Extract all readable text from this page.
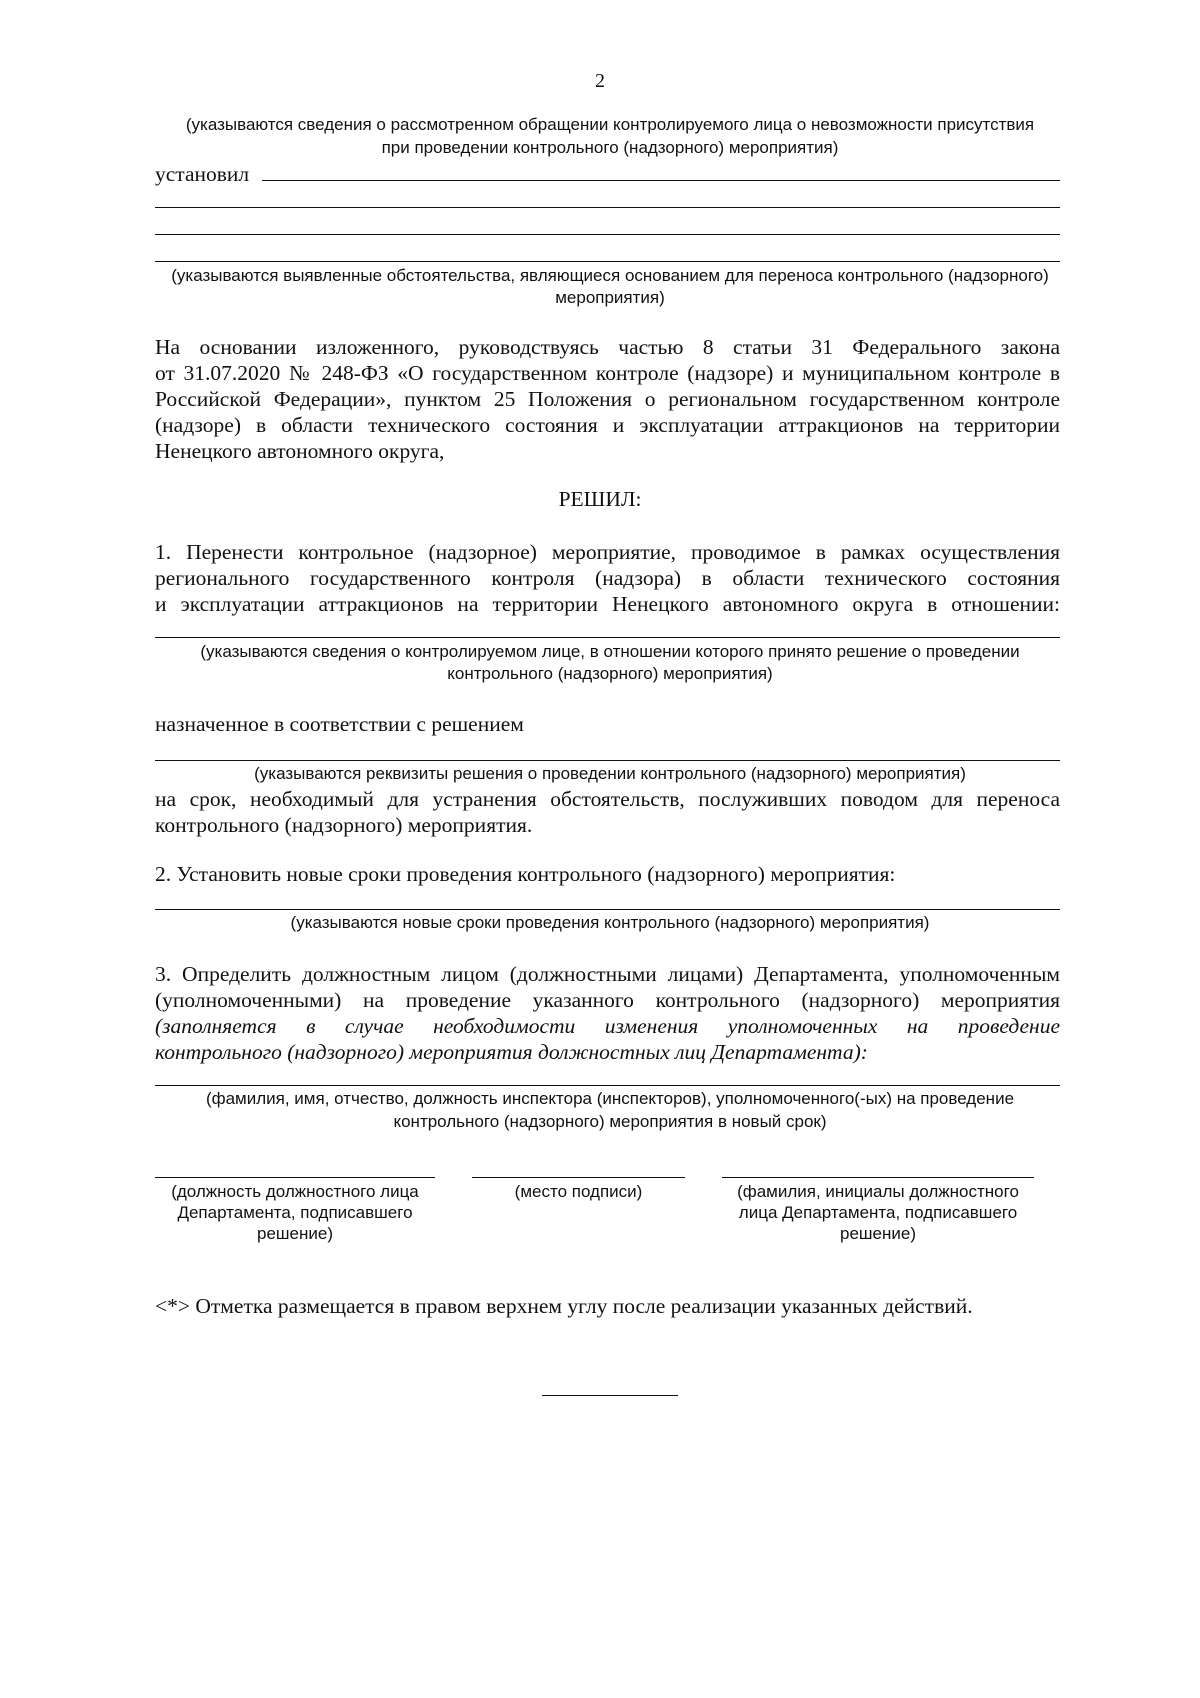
2
(указываются сведения о рассмотренном обращении контролируемого лица о невозможности присутствия
при проведении контрольного (надзорного) мероприятия)
установил
(указываются выявленные обстоятельства, являющиеся основанием для переноса контрольного (надзорного)
мероприятия)
На основании изложенного, руководствуясь частью 8 статьи 31 Федерального закона
от 31.07.2020 № 248-ФЗ «О государственном контроле (надзоре) и муниципальном контроле в
Российской Федерации», пунктом 25 Положения о региональном государственном контроле
(надзоре) в области технического состояния и эксплуатации аттракционов на территории
Ненецкого автономного округа,
РЕШИЛ:
1. Перенести контрольное (надзорное) мероприятие, проводимое в рамках осуществления
регионального государственного контроля (надзора) в области технического состояния
и эксплуатации аттракционов на территории Ненецкого автономного округа в отношении:
(указываются сведения о контролируемом лице, в отношении которого принято решение о проведении
контрольного (надзорного) мероприятия)
назначенное в соответствии с решением
(указываются реквизиты решения о проведении контрольного (надзорного) мероприятия)
на срок, необходимый для устранения обстоятельств, послуживших поводом для переноса
контрольного (надзорного) мероприятия.
2. Установить новые сроки проведения контрольного (надзорного) мероприятия:
(указываются новые сроки проведения контрольного (надзорного) мероприятия)
3. Определить должностным лицом (должностными лицами) Департамента, уполномоченным
(уполномоченными) на проведение указанного контрольного (надзорного) мероприятия
(заполняется в случае необходимости изменения уполномоченных на проведение
контрольного (надзорного) мероприятия должностных лиц Департамента):
(фамилия, имя, отчество, должность инспектора (инспекторов), уполномоченного(-ых) на проведение
контрольного (надзорного) мероприятия в новый срок)
(должность должностного лица
Департамента, подписавшего
решение)
(место подписи)	(фамилия, инициалы должностного
лица Департамента, подписавшего
решение)
<*> Отметка размещается в правом верхнем углу после реализации указанных действий.
